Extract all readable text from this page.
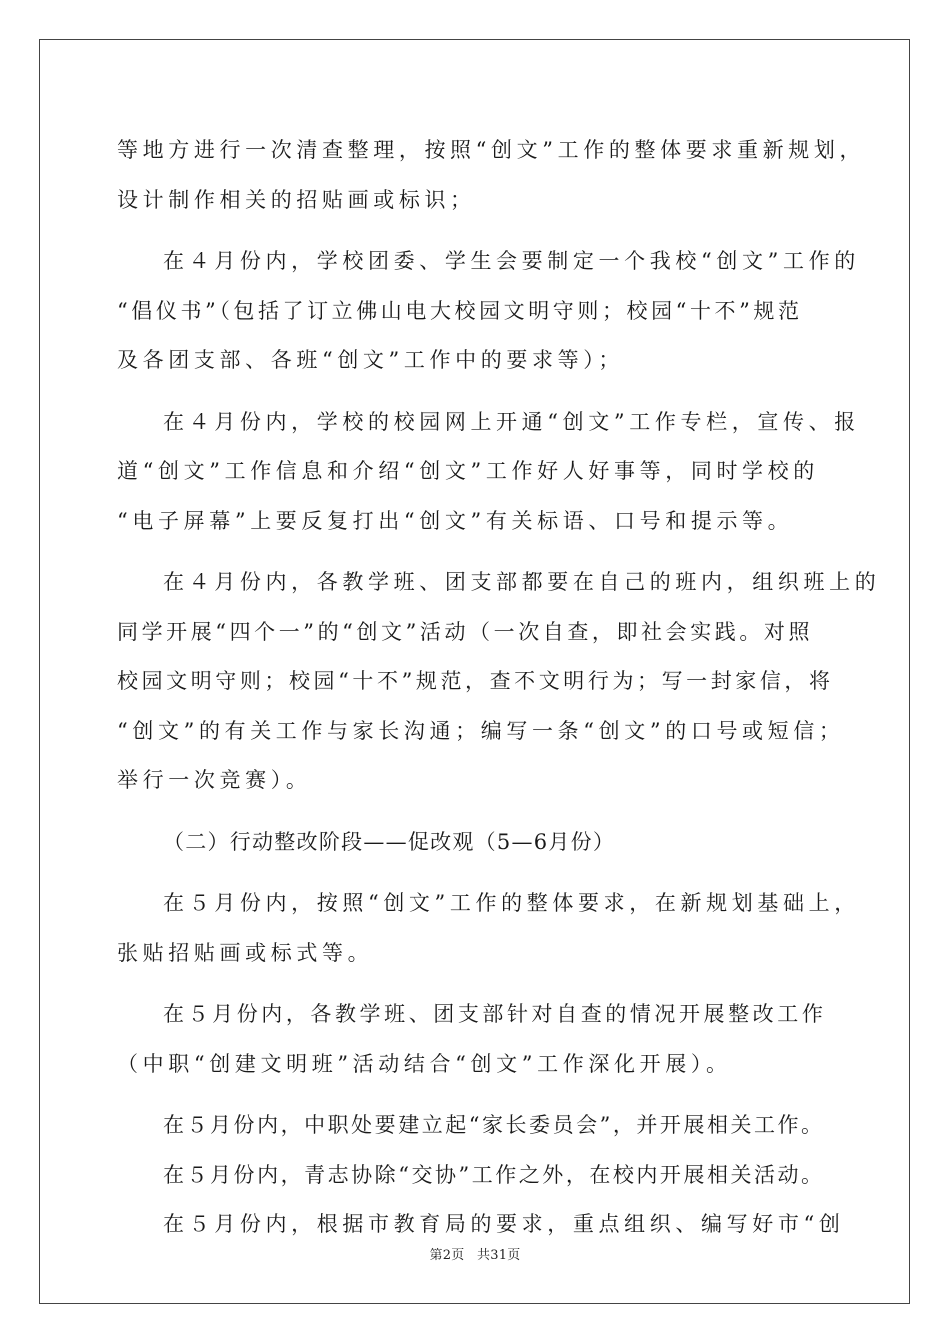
等地方进行一次清查整理，按照“创文”工作的整体要求重新规划，
设计制作相关的招贴画或标识；
在４月份内，学校团委、学生会要制定一个我校“创文”工作的
“倡仪书”（包括了订立佛山电大校园文明守则；校园“十不”规范
及各团支部、各班“创文”工作中的要求等）；
在４月份内，学校的校园网上开通“创文”工作专栏，宣传、报
道“创文”工作信息和介绍“创文”工作好人好事等，同时学校的
“电子屏幕”上要反复打出“创文”有关标语、口号和提示等。
在４月份内，各教学班、团支部都要在自己的班内，组织班上的
同学开展“四个一”的“创文”活动（一次自查，即社会实践。对照
校园文明守则；校园“十不”规范，查不文明行为；写一封家信，将
“创文”的有关工作与家长沟通；编写一条“创文”的口号或短信；
举行一次竞赛）。
（二）行动整改阶段——促改观（5—6月份）
在５月份内，按照“创文”工作的整体要求，在新规划基础上，
张贴招贴画或标式等。
在５月份内，各教学班、团支部针对自查的情况开展整改工作
（中职“创建文明班”活动结合“创文”工作深化开展）。
在５月份内，中职处要建立起“家长委员会”，并开展相关工作。
在５月份内，青志协除“交协”工作之外，在校内开展相关活动。
在５月份内，根据市教育局的要求，重点组织、编写好市“创
第2页 共31页
